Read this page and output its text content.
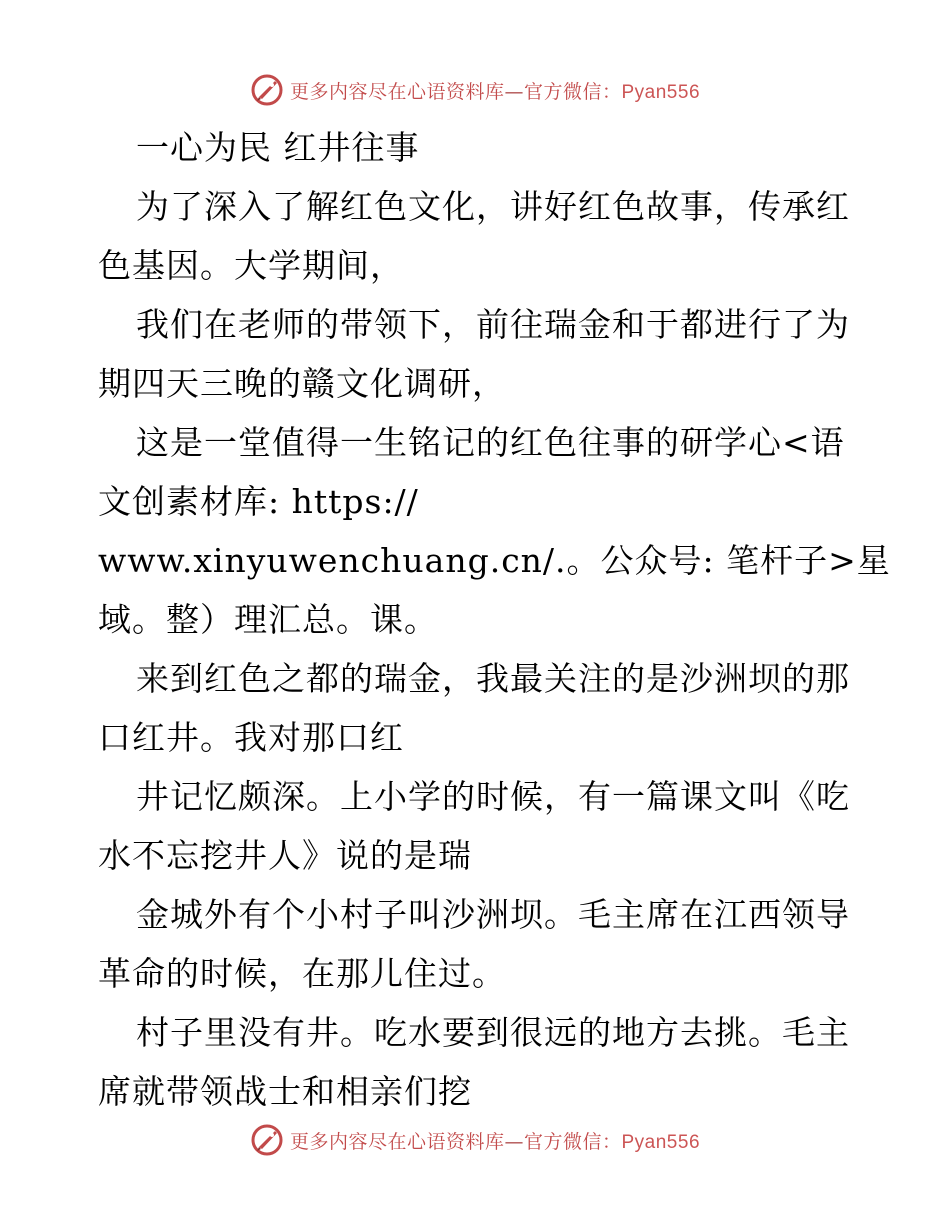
更多内容尽在心语资料库—官方微信：Pyan556
一心为民 红井往事
为了深入了解红色文化，讲好红色故事，传承红
色基因。大学期间，
我们在老师的带领下，前往瑞金和于都进行了为
期四天三晚的赣文化调研，
这是一堂值得一生铭记的红色往事的研学心<语
文创素材库: https://
www.xinyuwenchuang.cn/.。公众号: 笔杆子>星
域。整）理汇总。课。
来到红色之都的瑞金，我最关注的是沙洲坝的那
口红井。我对那口红
井记忆颇深。上小学的时候，有一篇课文叫《吃
水不忘挖井人》说的是瑞
金城外有个小村子叫沙洲坝。毛主席在江西领导
革命的时候，在那儿住过。
村子里没有井。吃水要到很远的地方去挑。毛主
席就带领战士和相亲们挖
更多内容尽在心语资料库—官方微信：Pyan556
